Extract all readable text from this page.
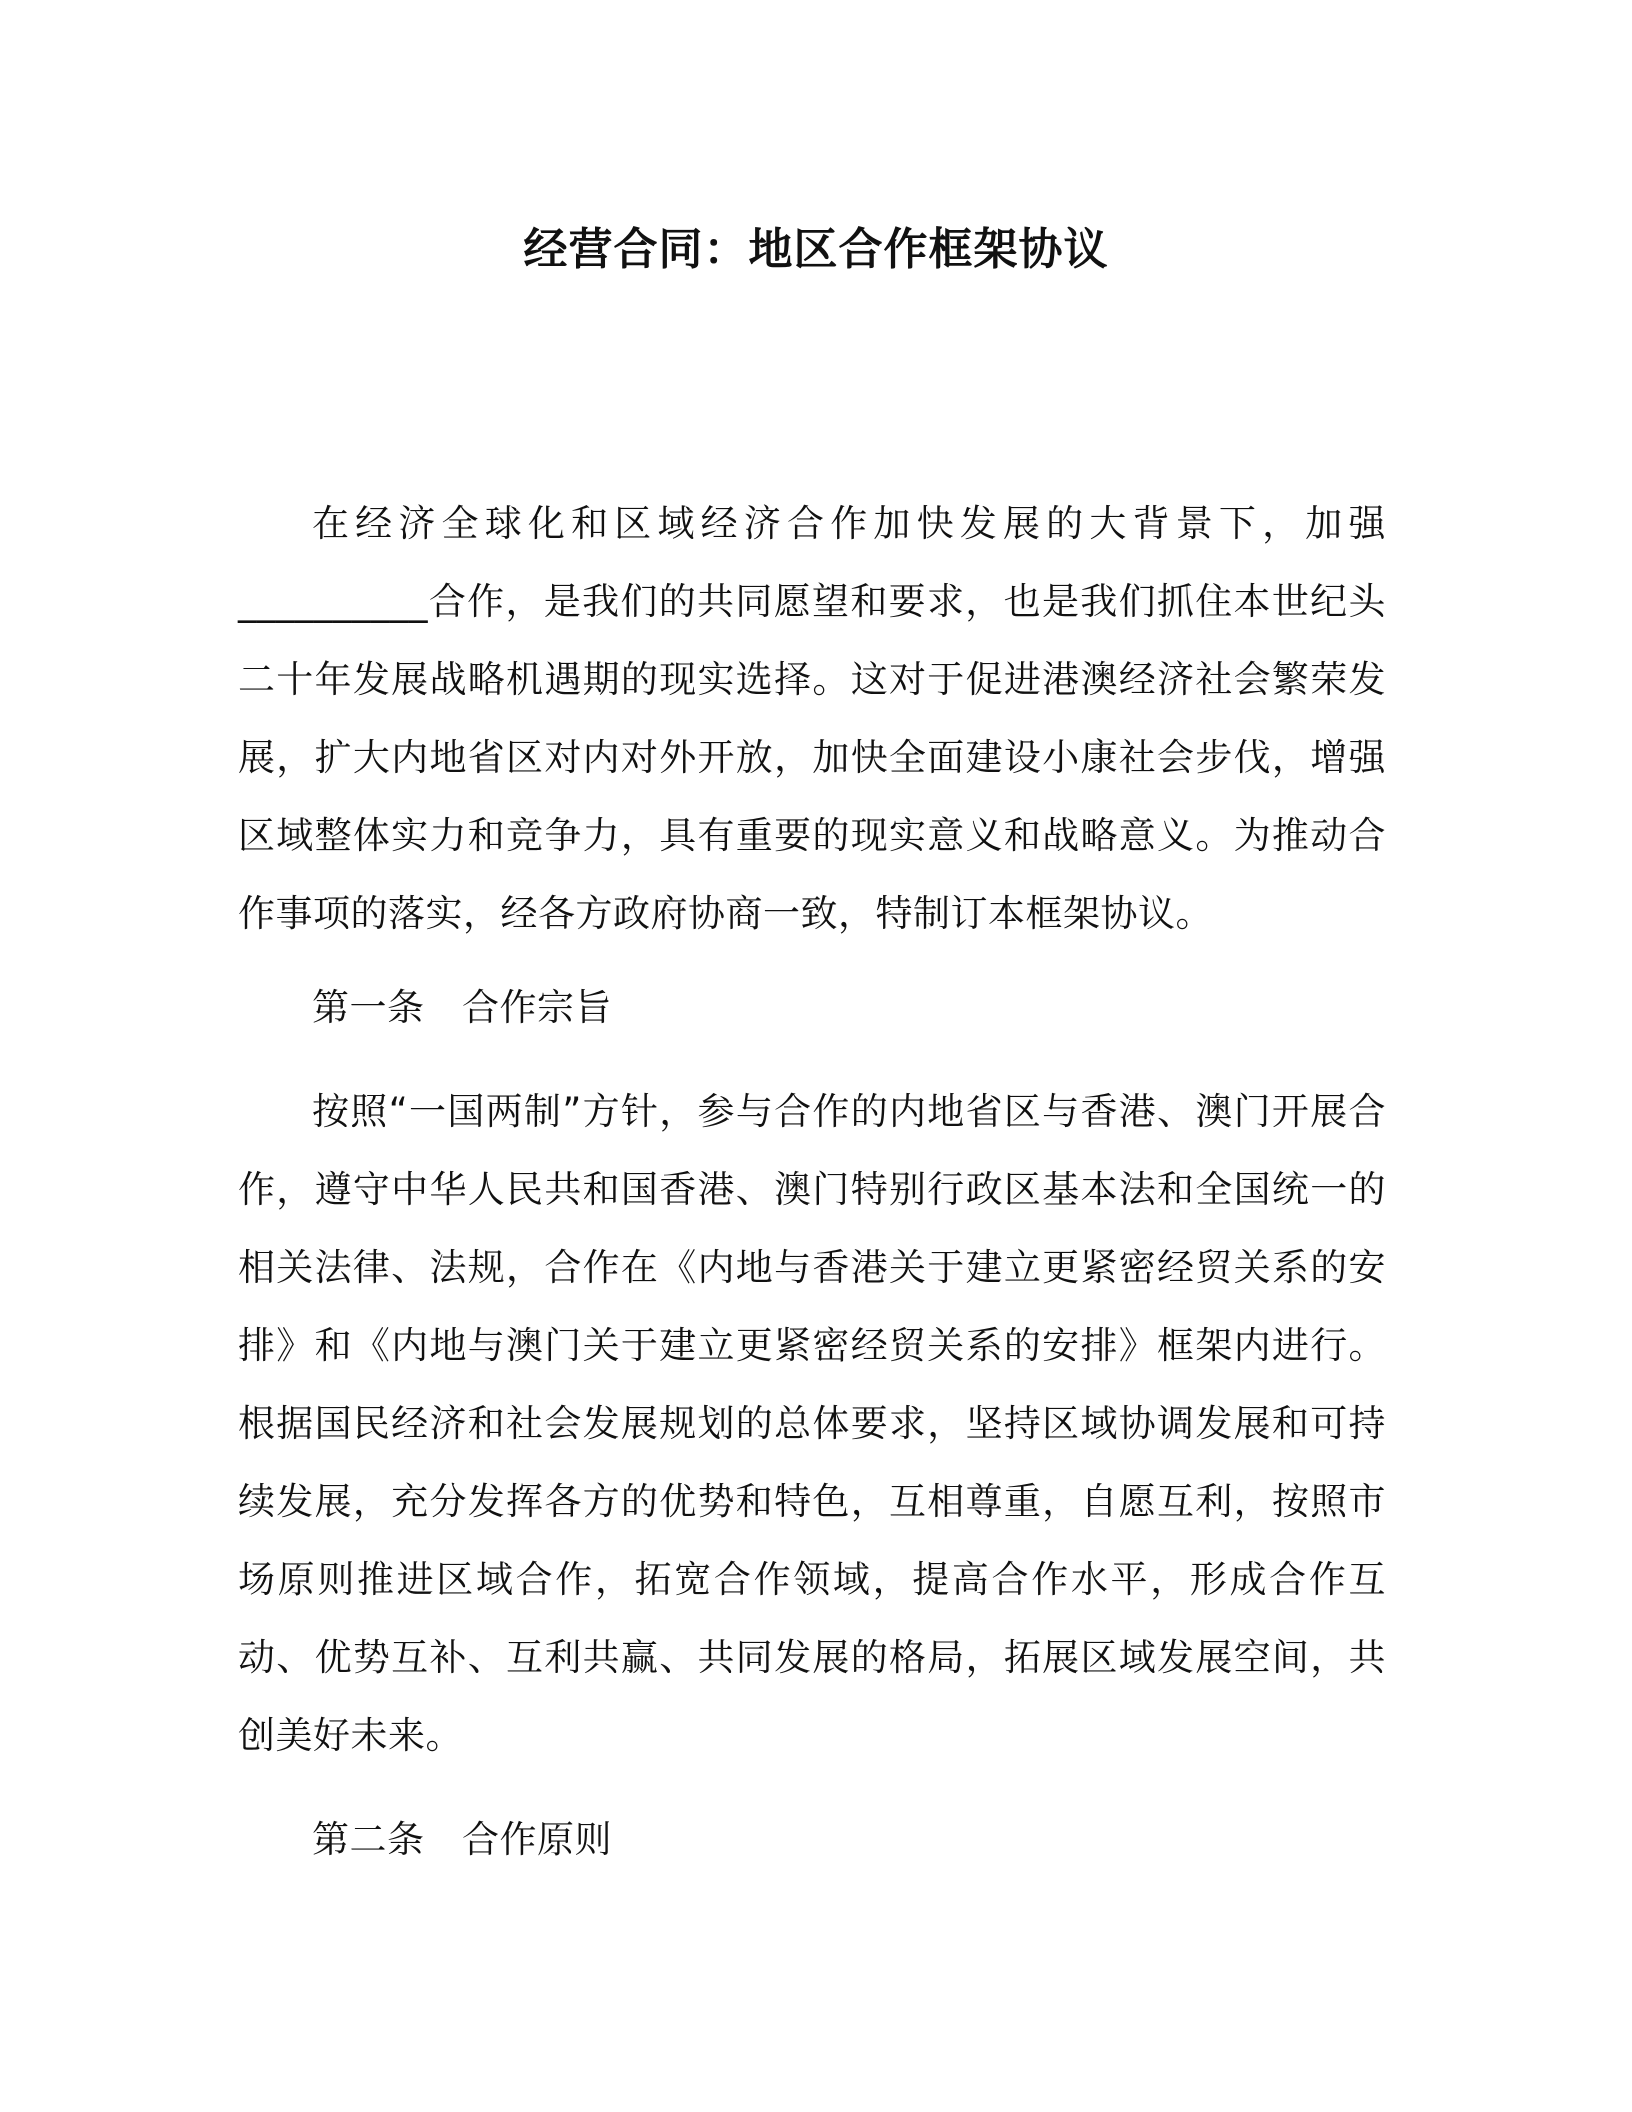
经营合同：地区合作框架协议

在经济全球化和区域经济合作加快发展的大背景下，加强__________合作，是我们的共同愿望和要求，也是我们抓住本世纪头二十年发展战略机遇期的现实选择。这对于促进港澳经济社会繁荣发展，扩大内地省区对内对外开放，加快全面建设小康社会步伐，增强区域整体实力和竞争力，具有重要的现实意义和战略意义。为推动合作事项的落实，经各方政府协商一致，特制订本框架协议。

第一条　合作宗旨

按照“一国两制”方针，参与合作的内地省区与香港、澳门开展合作，遵守中华人民共和国香港、澳门特别行政区基本法和全国统一的相关法律、法规，合作在《内地与香港关于建立更紧密经贸关系的安排》和《内地与澳门关于建立更紧密经贸关系的安排》框架内进行。根据国民经济和社会发展规划的总体要求，坚持区域协调发展和可持续发展，充分发挥各方的优势和特色，互相尊重，自愿互利，按照市场原则推进区域合作，拓宽合作领域，提高合作水平，形成合作互动、优势互补、互利共赢、共同发展的格局，拓展区域发展空间，共创美好未来。

第二条　合作原则
